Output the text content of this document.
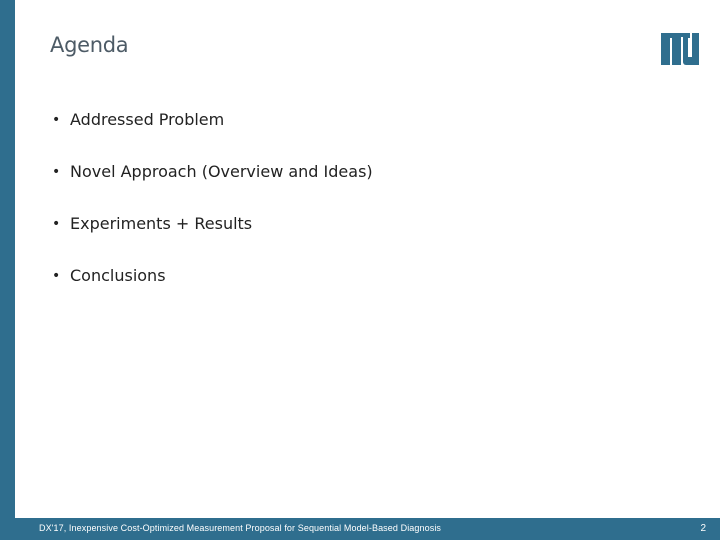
Agenda
• Addressed Problem
• Novel Approach (Overview and Ideas)
• Experiments + Results
• Conclusions
DX'17, Inexpensive Cost-Optimized Measurement Proposal for Sequential Model-Based Diagnosis	2
